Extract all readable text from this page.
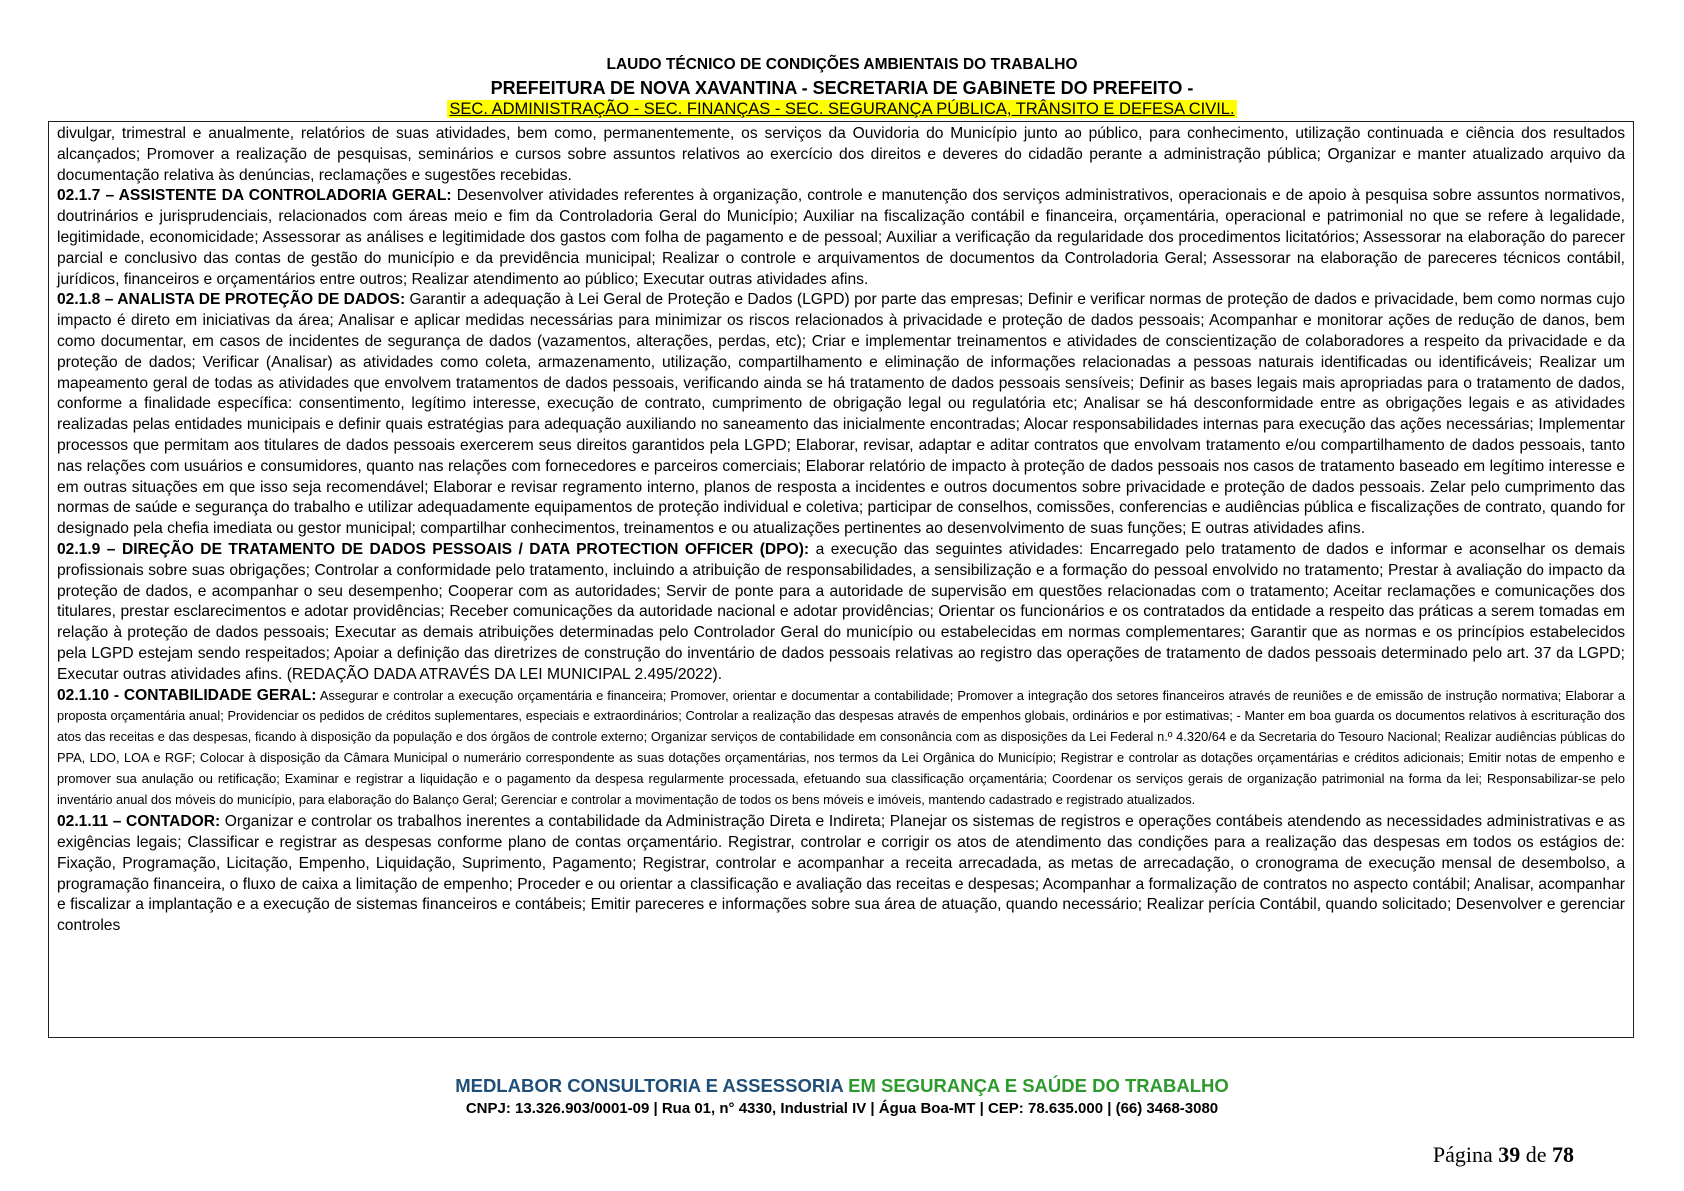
LAUDO TÉCNICO DE CONDIÇÕES AMBIENTAIS DO TRABALHO
PREFEITURA DE NOVA XAVANTINA - SECRETARIA DE GABINETE DO PREFEITO -
SEC. ADMINISTRAÇÃO - SEC. FINANÇAS - SEC. SEGURANÇA PÚBLICA, TRÂNSITO E DEFESA CIVIL.

divulgar, trimestral e anualmente, relatórios de suas atividades, bem como, permanentemente, os serviços da Ouvidoria do Município junto ao público, para conhecimento, utilização continuada e ciência dos resultados alcançados; Promover a realização de pesquisas, seminários e cursos sobre assuntos relativos ao exercício dos direitos e deveres do cidadão perante a administração pública; Organizar e manter atualizado arquivo da documentação relativa às denúncias, reclamações e sugestões recebidas.

02.1.7 – ASSISTENTE DA CONTROLADORIA GERAL: Desenvolver atividades referentes à organização, controle e manutenção dos serviços administrativos, operacionais e de apoio à pesquisa sobre assuntos normativos, doutrinários e jurisprudenciais, relacionados com áreas meio e fim da Controladoria Geral do Município; Auxiliar na fiscalização contábil e financeira, orçamentária, operacional e patrimonial no que se refere à legalidade, legitimidade, economicidade; Assessorar as análises e legitimidade dos gastos com folha de pagamento e de pessoal; Auxiliar a verificação da regularidade dos procedimentos licitatórios; Assessorar na elaboração do parecer parcial e conclusivo das contas de gestão do município e da previdência municipal; Realizar o controle e arquivamentos de documentos da Controladoria Geral; Assessorar na elaboração de pareceres técnicos contábil, jurídicos, financeiros e orçamentários entre outros; Realizar atendimento ao público; Executar outras atividades afins.

02.1.8 – ANALISTA DE PROTEÇÃO DE DADOS: Garantir a adequação à Lei Geral de Proteção e Dados (LGPD) por parte das empresas; Definir e verificar normas de proteção de dados e privacidade, bem como normas cujo impacto é direto em iniciativas da área; Analisar e aplicar medidas necessárias para minimizar os riscos relacionados à privacidade e proteção de dados pessoais; Acompanhar e monitorar ações de redução de danos, bem como documentar, em casos de incidentes de segurança de dados (vazamentos, alterações, perdas, etc); Criar e implementar treinamentos e atividades de conscientização de colaboradores a respeito da privacidade e da proteção de dados; Verificar (Analisar) as atividades como coleta, armazenamento, utilização, compartilhamento e eliminação de informações relacionadas a pessoas naturais identificadas ou identificáveis; Realizar um mapeamento geral de todas as atividades que envolvem tratamentos de dados pessoais, verificando ainda se há tratamento de dados pessoais sensíveis; Definir as bases legais mais apropriadas para o tratamento de dados, conforme a finalidade específica: consentimento, legítimo interesse, execução de contrato, cumprimento de obrigação legal ou regulatória etc; Analisar se há desconformidade entre as obrigações legais e as atividades realizadas pelas entidades municipais e definir quais estratégias para adequação auxiliando no saneamento das inicialmente encontradas; Alocar responsabilidades internas para execução das ações necessárias; Implementar processos que permitam aos titulares de dados pessoais exercerem seus direitos garantidos pela LGPD; Elaborar, revisar, adaptar e aditar contratos que envolvam tratamento e/ou compartilhamento de dados pessoais, tanto nas relações com usuários e consumidores, quanto nas relações com fornecedores e parceiros comerciais; Elaborar relatório de impacto à proteção de dados pessoais nos casos de tratamento baseado em legítimo interesse e em outras situações em que isso seja recomendável; Elaborar e revisar regramento interno, planos de resposta a incidentes e outros documentos sobre privacidade e proteção de dados pessoais. Zelar pelo cumprimento das normas de saúde e segurança do trabalho e utilizar adequadamente equipamentos de proteção individual e coletiva; participar de conselhos, comissões, conferencias e audiências pública e fiscalizações de contrato, quando for designado pela chefia imediata ou gestor municipal; compartilhar conhecimentos, treinamentos e ou atualizações pertinentes ao desenvolvimento de suas funções; E outras atividades afins.

02.1.9 – DIREÇÃO DE TRATAMENTO DE DADOS PESSOAIS / DATA PROTECTION OFFICER (DPO): a execução das seguintes atividades: Encarregado pelo tratamento de dados e informar e aconselhar os demais profissionais sobre suas obrigações; Controlar a conformidade pelo tratamento, incluindo a atribuição de responsabilidades, a sensibilização e a formação do pessoal envolvido no tratamento; Prestar à avaliação do impacto da proteção de dados, e acompanhar o seu desempenho; Cooperar com as autoridades; Servir de ponte para a autoridade de supervisão em questões relacionadas com o tratamento; Aceitar reclamações e comunicações dos titulares, prestar esclarecimentos e adotar providências; Receber comunicações da autoridade nacional e adotar providências; Orientar os funcionários e os contratados da entidade a respeito das práticas a serem tomadas em relação à proteção de dados pessoais; Executar as demais atribuições determinadas pelo Controlador Geral do município ou estabelecidas em normas complementares; Garantir que as normas e os princípios estabelecidos pela LGPD estejam sendo respeitados; Apoiar a definição das diretrizes de construção do inventário de dados pessoais relativas ao registro das operações de tratamento de dados pessoais determinado pelo art. 37 da LGPD; Executar outras atividades afins. (REDAÇÃO DADA ATRAVÉS DA LEI MUNICIPAL 2.495/2022).

02.1.10 - CONTABILIDADE GERAL: Assegurar e controlar a execução orçamentária e financeira; Promover, orientar e documentar a contabilidade; Promover a integração dos setores financeiros através de reuniões e de emissão de instrução normativa; Elaborar a proposta orçamentária anual; Providenciar os pedidos de créditos suplementares, especiais e extraordinários; Controlar a realização das despesas através de empenhos globais, ordinários e por estimativas; - Manter em boa guarda os documentos relativos à escrituração dos atos das receitas e das despesas, ficando à disposição da população e dos órgãos de controle externo; Organizar serviços de contabilidade em consonância com as disposições da Lei Federal n.º 4.320/64 e da Secretaria do Tesouro Nacional; Realizar audiências públicas do PPA, LDO, LOA e RGF; Colocar à disposição da Câmara Municipal o numerário correspondente as suas dotações orçamentárias, nos termos da Lei Orgânica do Município; Registrar e controlar as dotações orçamentárias e créditos adicionais; Emitir notas de empenho e promover sua anulação ou retificação; Examinar e registrar a liquidação e o pagamento da despesa regularmente processada, efetuando sua classificação orçamentária; Coordenar os serviços gerais de organização patrimonial na forma da lei; Responsabilizar-se pelo inventário anual dos móveis do município, para elaboração do Balanço Geral; Gerenciar e controlar a movimentação de todos os bens móveis e imóveis, mantendo cadastrado e registrado atualizados.

02.1.11 – CONTADOR: Organizar e controlar os trabalhos inerentes a contabilidade da Administração Direta e Indireta; Planejar os sistemas de registros e operações contábeis atendendo as necessidades administrativas e as exigências legais; Classificar e registrar as despesas conforme plano de contas orçamentário. Registrar, controlar e corrigir os atos de atendimento das condições para a realização das despesas em todos os estágios de: Fixação, Programação, Licitação, Empenho, Liquidação, Suprimento, Pagamento; Registrar, controlar e acompanhar a receita arrecadada, as metas de arrecadação, o cronograma de execução mensal de desembolso, a programação financeira, o fluxo de caixa a limitação de empenho; Proceder e ou orientar a classificação e avaliação das receitas e despesas; Acompanhar a formalização de contratos no aspecto contábil; Analisar, acompanhar e fiscalizar a implantação e a execução de sistemas financeiros e contábeis; Emitir pareceres e informações sobre sua área de atuação, quando necessário; Realizar perícia Contábil, quando solicitado; Desenvolver e gerenciar controles

MEDLABOR CONSULTORIA E ASSESSORIA EM SEGURANÇA E SAÚDE DO TRABALHO
CNPJ: 13.326.903/0001-09 | Rua 01, n° 4330, Industrial IV | Água Boa-MT | CEP: 78.635.000 | (66) 3468-3080
Página 39 de 78
